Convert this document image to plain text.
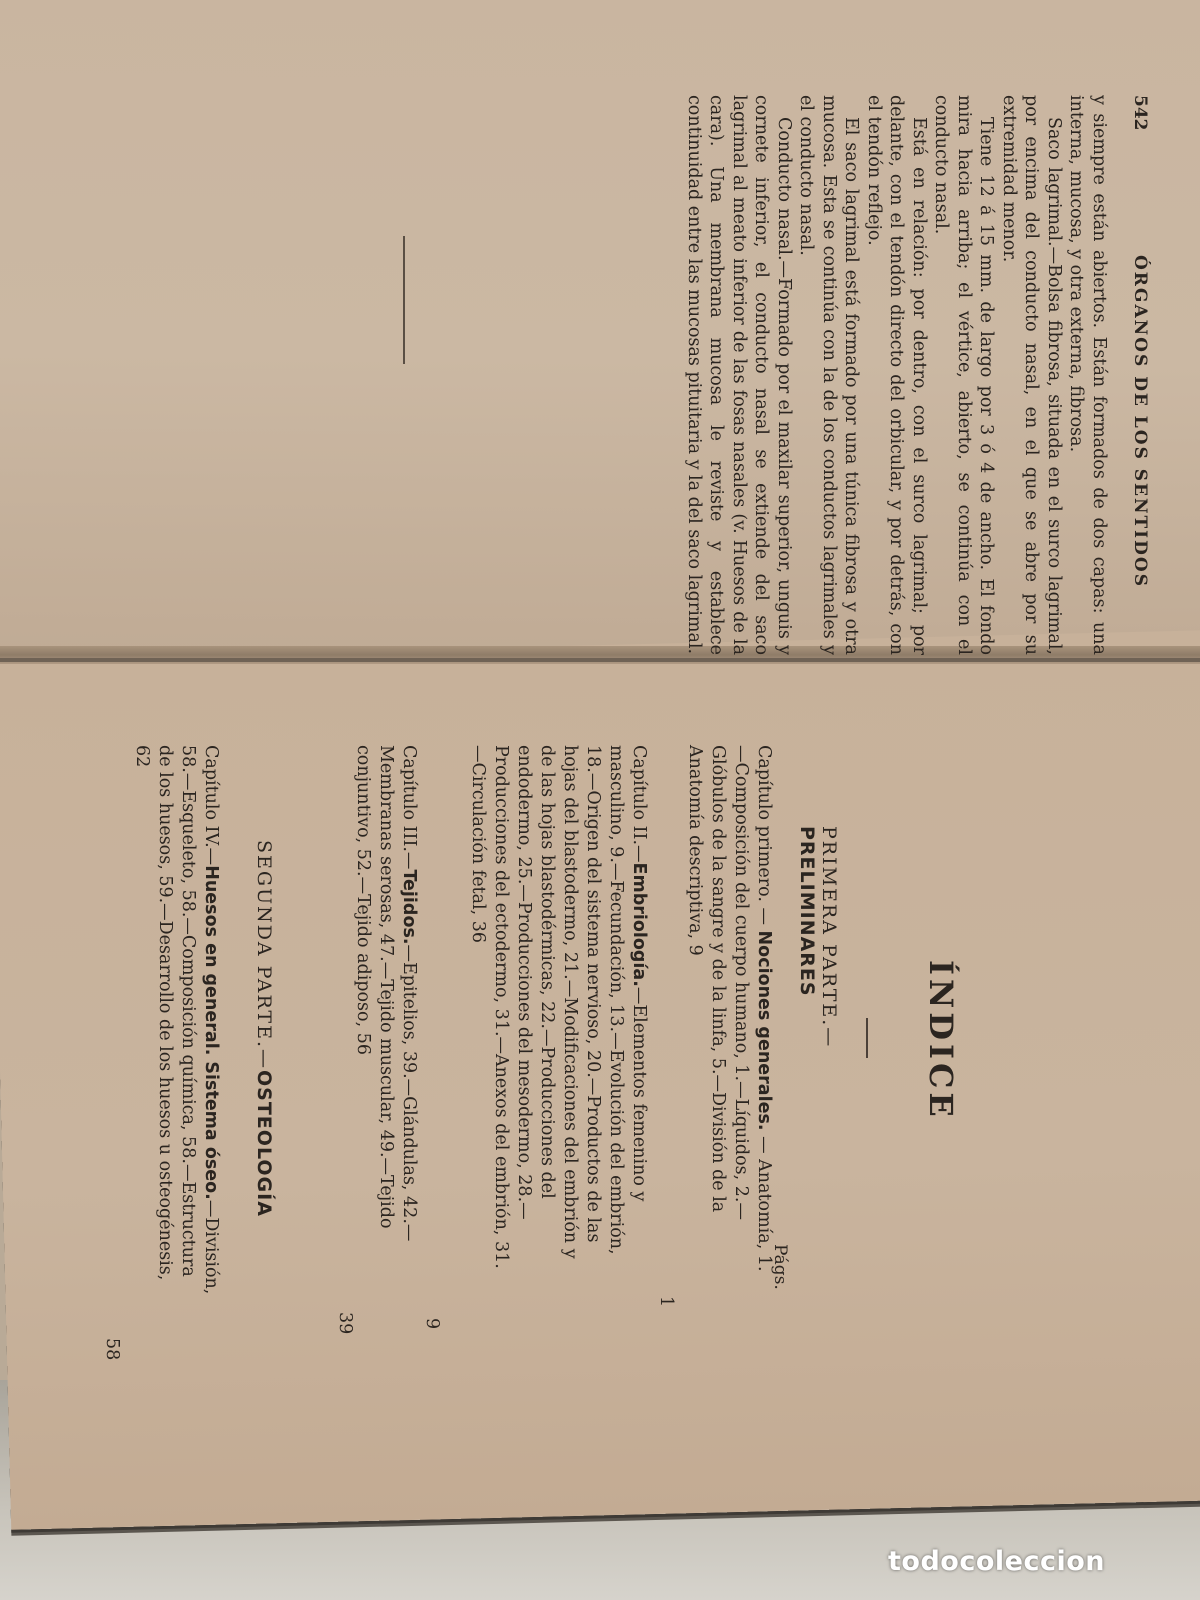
542
ÓRGANOS DE LOS SENTIDOS

y siempre están abiertos. Están formados de dos capas: una interna, mucosa, y otra externa, fibrosa.

Saco lagrimal.—Bolsa fibrosa, situada en el surco lagrimal, por encima del conducto nasal, en el que se abre por su extremidad menor.

Tiene 12 á 15 mm. de largo por 3 ó 4 de ancho. El fondo mira hacia arriba; el vértice, abierto, se continúa con el conducto nasal.

Está en relación: por dentro, con el surco lagrimal; por delante, con el tendón directo del orbicular, y por detrás, con el tendón reflejo.

El saco lagrimal está formado por una túnica fibrosa y otra mucosa. Esta se continúa con la de los conductos lagrimales y el conducto nasal.

Conducto nasal.—Formado por el maxilar superior, unguis y cornete inferior, el conducto nasal se extiende del saco lagrimal al meato inferior de las fosas nasales (v. Huesos de la cara). Una membrana mucosa le reviste y establece continuidad entre las mucosas pituitaria y la del saco lagrimal.

ÍNDICE
PRIMERA PARTE.—PRELIMINARES
Págs.
Capítulo primero. — Nociones generales. — Anatomía, 1.—Composición del cuerpo humano, 1.—Líquidos, 2.—Glóbulos de la sangre y de la linfa, 5.—División de la Anatomía descriptiva, 9
1
Capítulo II.—Embriología.—Elementos femenino y masculino, 9.—Fecundación, 13.—Evolución del embrión, 18.—Origen del sistema nervioso, 20.—Productos de las hojas del blastodermo, 21.—Modificaciones del embrión y de las hojas blastodérmicas, 22.—Producciones del endodermo, 25.—Producciones del mesodermo, 28.—Producciones del ectodermo, 31.—Anexos del embrión, 31.—Circulación fetal, 36
9
Capítulo III.—Tejidos.—Epitelios, 39.—Glándulas, 42.—Membranas serosas, 47.—Tejido muscular, 49.—Tejido conjuntivo, 52.—Tejido adiposo, 56
39
SEGUNDA PARTE.—OSTEOLOGÍA
Capítulo IV.—Huesos en general. Sistema óseo.—División, 58.—Esqueleto, 58.—Composición química, 58.—Estructura de los huesos, 59.—Desarrollo de los huesos u osteogénesis, 62
58
todocoleccion
